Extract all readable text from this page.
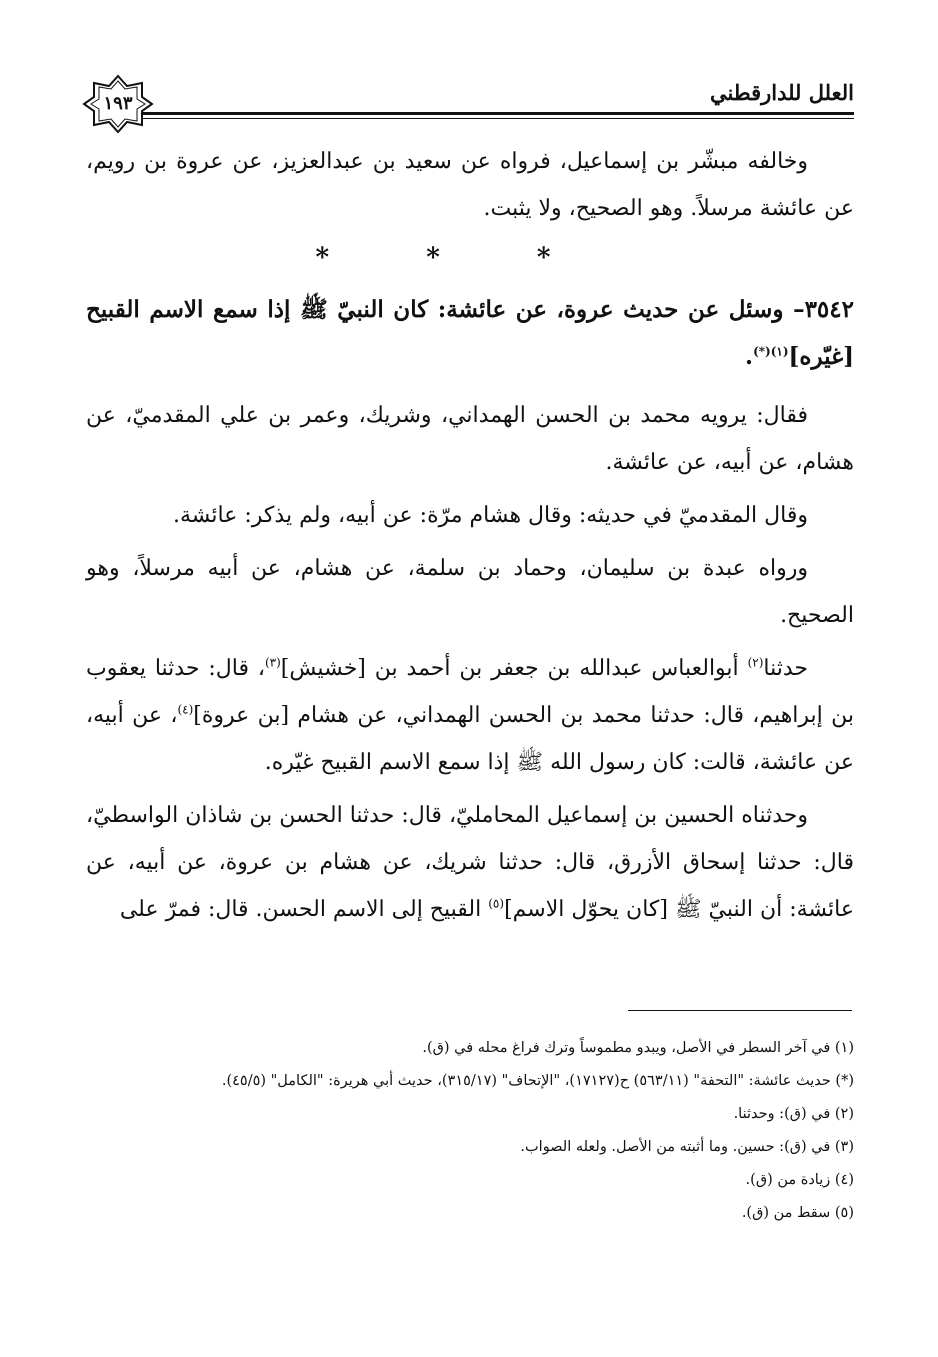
العلل للدارقطني
١٩٣

وخالفه مبشّر بن إسماعيل، فرواه عن سعيد بن عبدالعزيز، عن عروة بن رويم، عن عائشة مرسلاً. وهو الصحيح، ولا يثبت.

* * *

٣٥٤٢– وسئل عن حديث عروة، عن عائشة: كان النبيّ ﷺ إذا سمع الاسم القبيح [غيّره]$^{(١)(*)}$.

فقال: يرويه محمد بن الحسن الهمداني، وشريك، وعمر بن علي المقدميّ، عن هشام، عن أبيه، عن عائشة.

وقال المقدميّ في حديثه: وقال هشام مرّة: عن أبيه، ولم يذكر: عائشة.

ورواه عبدة بن سليمان، وحماد بن سلمة، عن هشام، عن أبيه مرسلاً، وهو الصحيح.

حدثنا$^{(٢)}$ أبوالعباس عبدالله بن جعفر بن أحمد بن [خشيش]$^{(٣)}$، قال: حدثنا يعقوب بن إبراهيم، قال: حدثنا محمد بن الحسن الهمداني، عن هشام [بن عروة]$^{(٤)}$، عن أبيه، عن عائشة، قالت: كان رسول الله ﷺ إذا سمع الاسم القبيح غيّره.

وحدثناه الحسين بن إسماعيل المحامليّ، قال: حدثنا الحسن بن شاذان الواسطيّ، قال: حدثنا إسحاق الأزرق، قال: حدثنا شريك، عن هشام بن عروة، عن أبيه، عن عائشة: أن النبيّ ﷺ [كان يحوّل الاسم]$^{(٥)}$ القبيح إلى الاسم الحسن. قال: فمرّ على

(١) في آخر السطر في الأصل، ويبدو مطموساً وترك فراغ محله في (ق).

(*) حديث عائشة: "التحفة" (٥٦٣/١١) ح(١٧١٢٧)، "الإتحاف" (٣١٥/١٧)، حديث أبي هريرة: "الكامل" (٤٥/٥).

(٢) في (ق): وحدثنا.

(٣) في (ق): حسين. وما أثبته من الأصل. ولعله الصواب.

(٤) زيادة من (ق).

(٥) سقط من (ق).
